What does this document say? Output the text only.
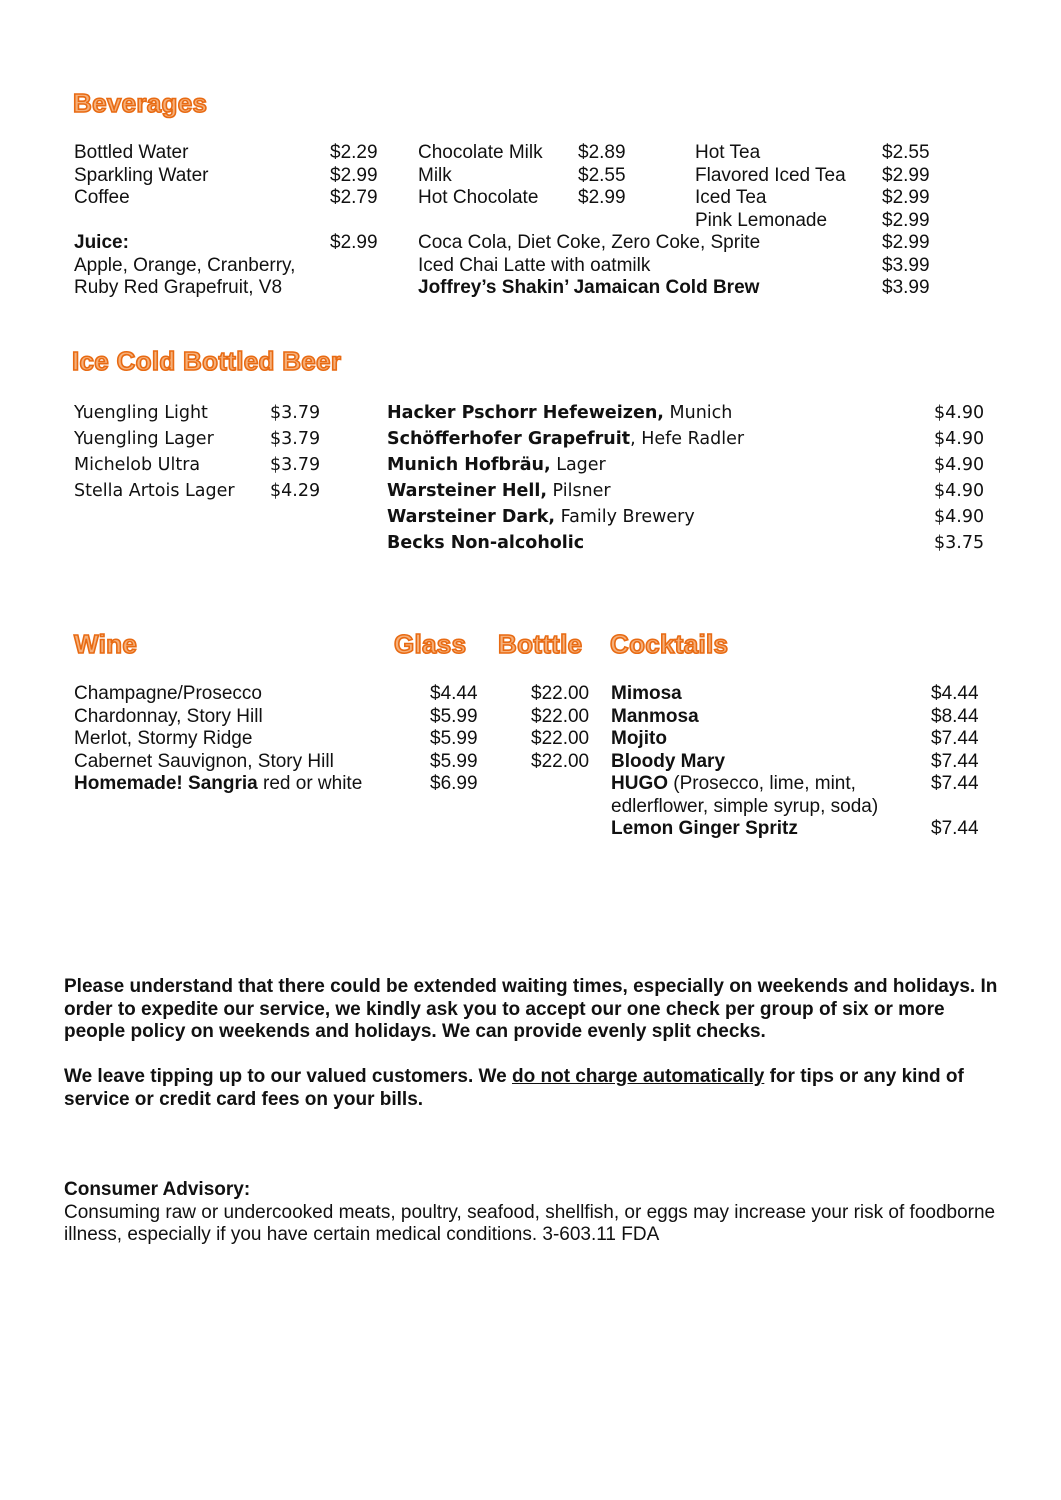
Beverages
Bottled Water	$2.29
Sparkling Water	$2.99
Coffee	$2.79
Chocolate Milk $2.89
Milk	$2.55
Hot Chocolate $2.99
Hot Tea	$2.55
Flavored Iced Tea $2.99
Iced Tea	$2.99
Pink Lemonade	$2.99
Juice:	$2.99
Apple, Orange, Cranberry,
Ruby Red Grapefruit, V8
Coca Cola, Diet Coke, Zero Coke, Sprite	$2.99
Iced Chai Latte with oatmilk	$3.99
Joffrey’s Shakin’ Jamaican Cold Brew	$3.99
Ice Cold Bottled Beer
Yuengling Light	$3.79
Yuengling Lager	$3.79
Michelob Ultra	$3.79
Stella Artois Lager $4.29
Hacker Pschorr Hefeweizen, Munich	$4.90
Schöfferhofer Grapefruit, Hefe Radler	$4.90
Munich Hofbräu, Lager	$4.90
Warsteiner Hell, Pilsner	$4.90
Warsteiner Dark, Family Brewery	$4.90
Becks Non-alcoholic	$3.75
Wine	Glass Botttle Cocktails
Champagne/Prosecco	$4.44	$22.00
Chardonnay, Story Hill	$5.99	$22.00
Merlot, Stormy Ridge	$5.99	$22.00
Cabernet Sauvignon, Story Hill	$5.99	$22.00
Homemade! Sangria red or white	$6.99
Mimosa	$4.44
Manmosa	$8.44
Mojito	$7.44
Bloody Mary	$7.44
HUGO (Prosecco, lime, mint,	$7.44
edlerflower, simple syrup, soda)
Lemon Ginger Spritz	$7.44
Please understand that there could be extended waiting times, especially on weekends and holidays. In order to expedite our service, we kindly ask you to accept our one check per group of six or more people policy on weekends and holidays. We can provide evenly split checks.
We leave tipping up to our valued customers. We do not charge automatically for tips or any kind of service or credit card fees on your bills.
Consumer Advisory:
Consuming raw or undercooked meats, poultry, seafood, shellfish, or eggs may increase your risk of foodborne illness, especially if you have certain medical conditions. 3-603.11 FDA
